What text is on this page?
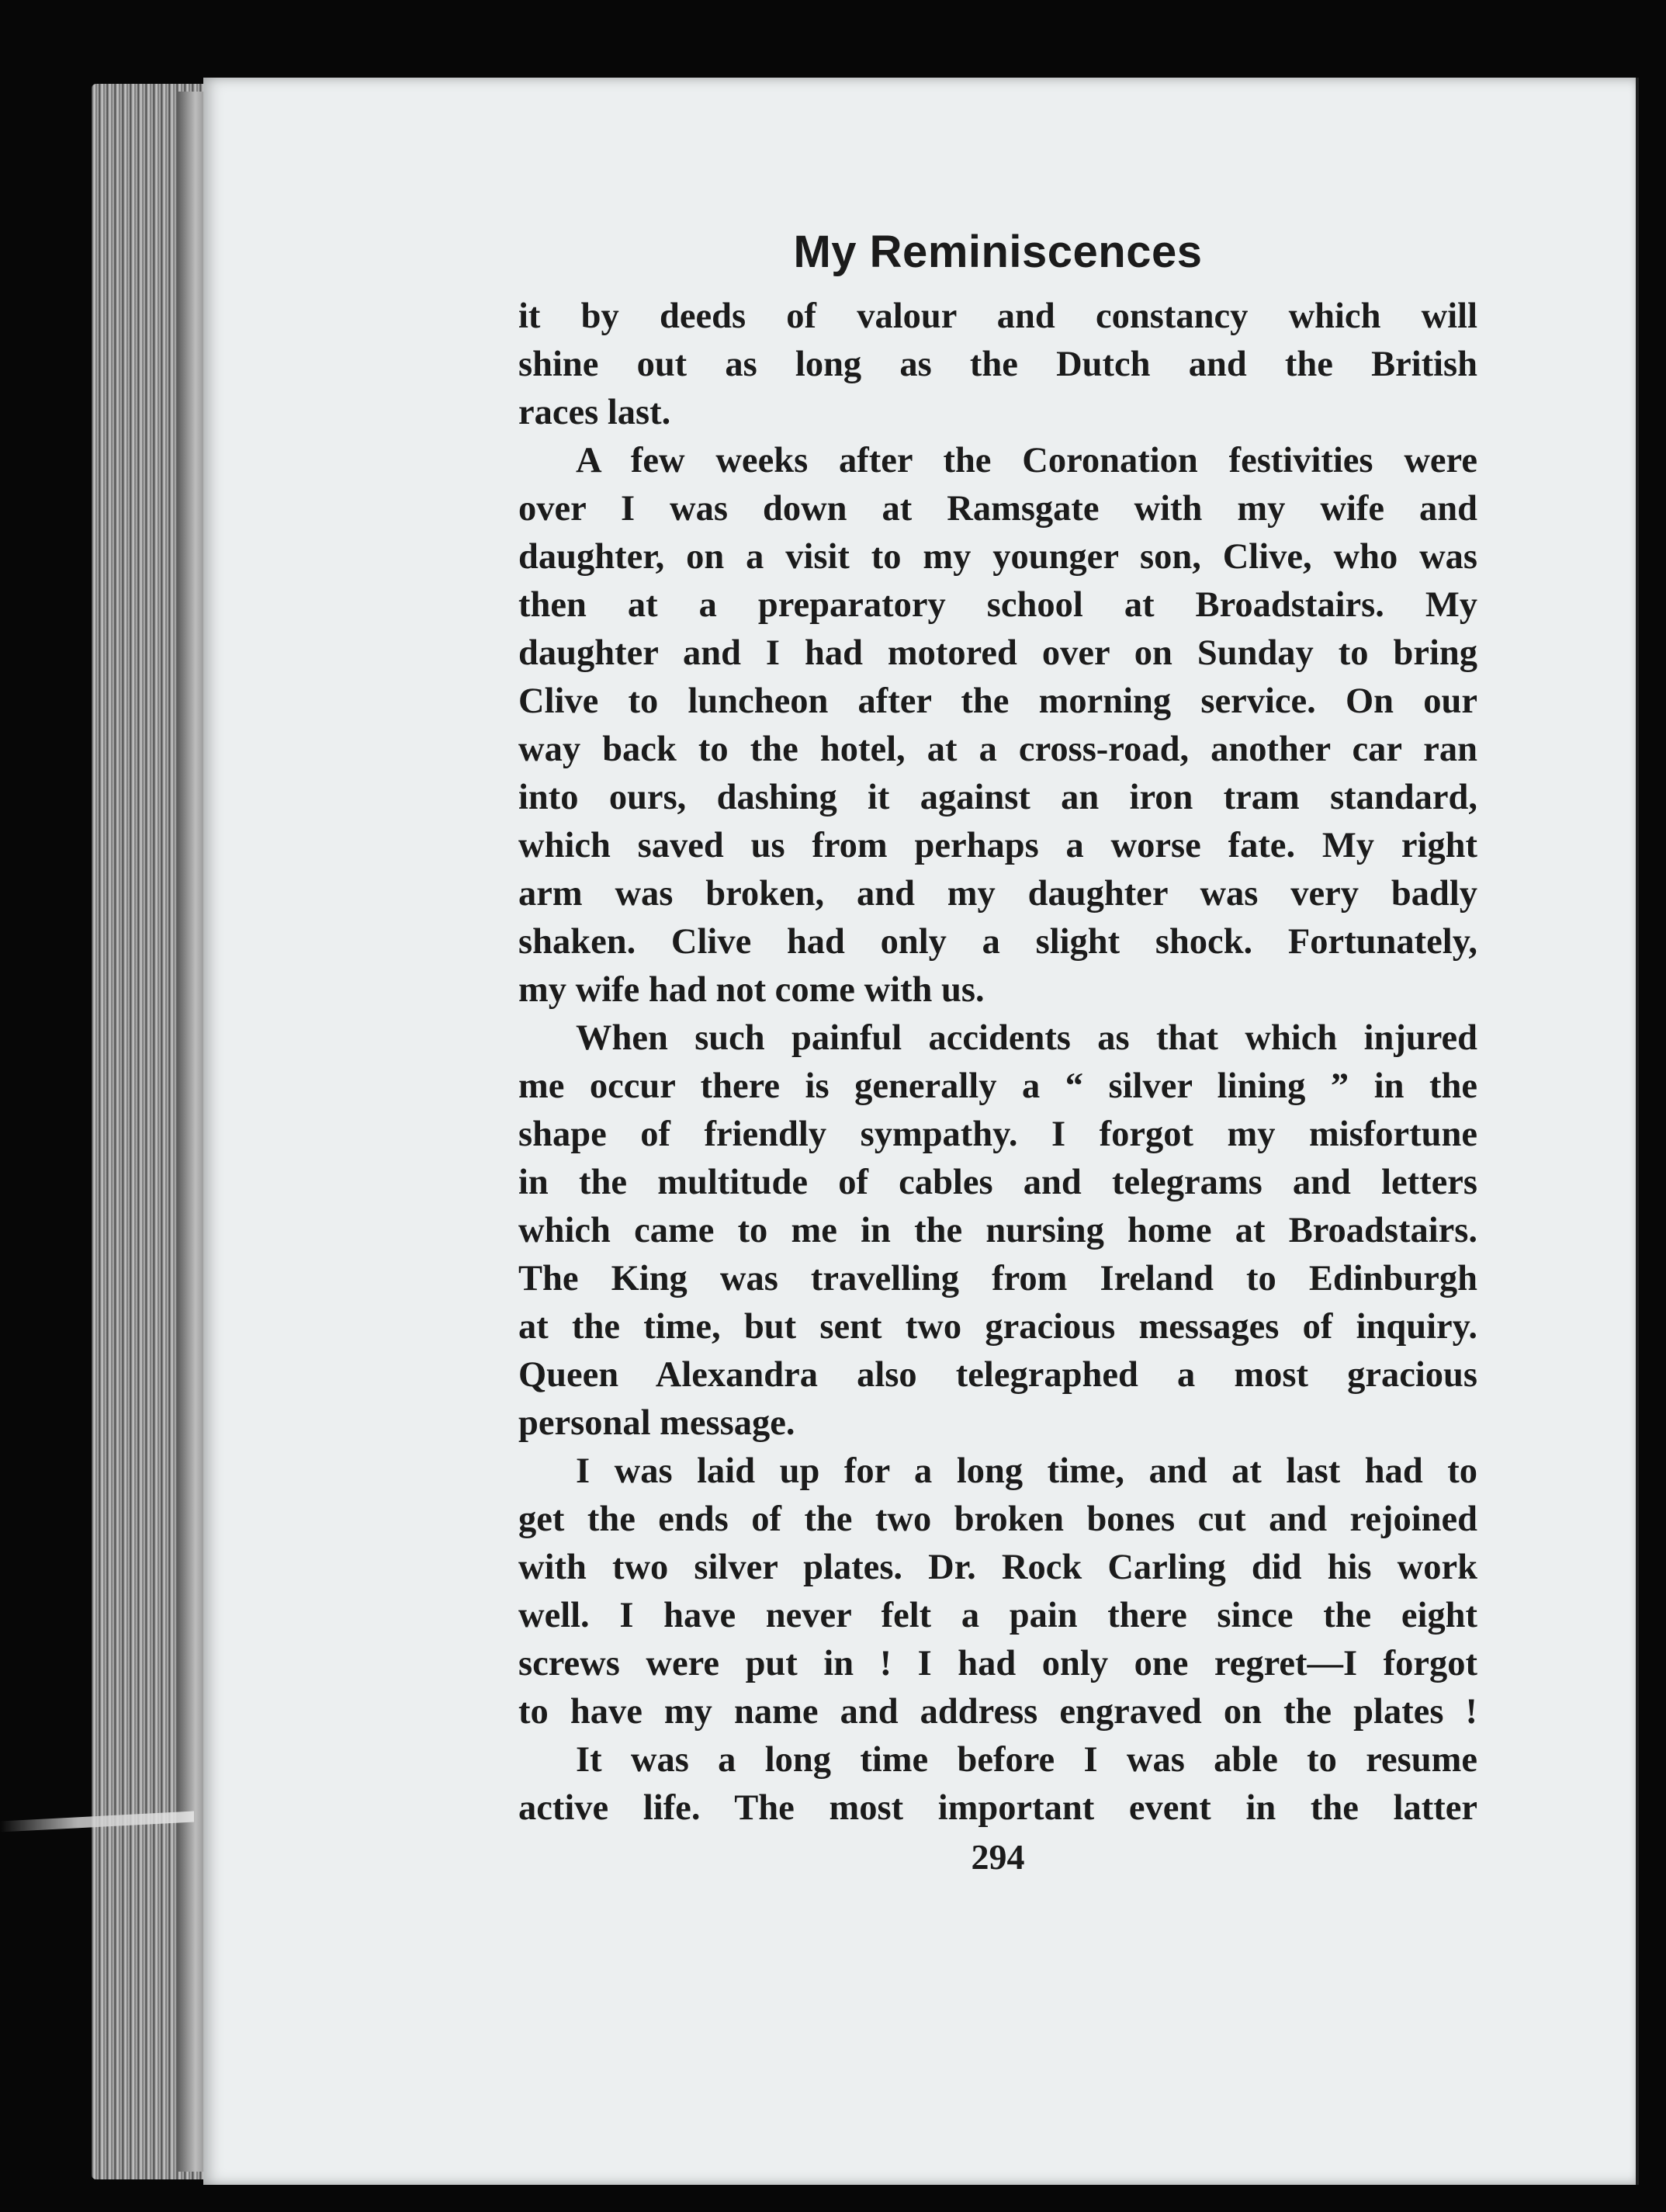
My Reminiscences
it by deeds of valour and constancy which will
shine out as long as the Dutch and the British
races last.
A few weeks after the Coronation festivities were
over I was down at Ramsgate with my wife and
daughter, on a visit to my younger son, Clive, who was
then at a preparatory school at Broadstairs. My
daughter and I had motored over on Sunday to bring
Clive to luncheon after the morning service. On our
way back to the hotel, at a cross-road, another car ran
into ours, dashing it against an iron tram standard,
which saved us from perhaps a worse fate. My right
arm was broken, and my daughter was very badly
shaken. Clive had only a slight shock. Fortunately,
my wife had not come with us.
When such painful accidents as that which injured
me occur there is generally a “ silver lining ” in the
shape of friendly sympathy. I forgot my misfortune
in the multitude of cables and telegrams and letters
which came to me in the nursing home at Broadstairs.
The King was travelling from Ireland to Edinburgh
at the time, but sent two gracious messages of inquiry.
Queen Alexandra also telegraphed a most gracious
personal message.
I was laid up for a long time, and at last had to
get the ends of the two broken bones cut and rejoined
with two silver plates. Dr. Rock Carling did his work
well. I have never felt a pain there since the eight
screws were put in ! I had only one regret—I forgot
to have my name and address engraved on the plates !
It was a long time before I was able to resume
active life. The most important event in the latter
294
